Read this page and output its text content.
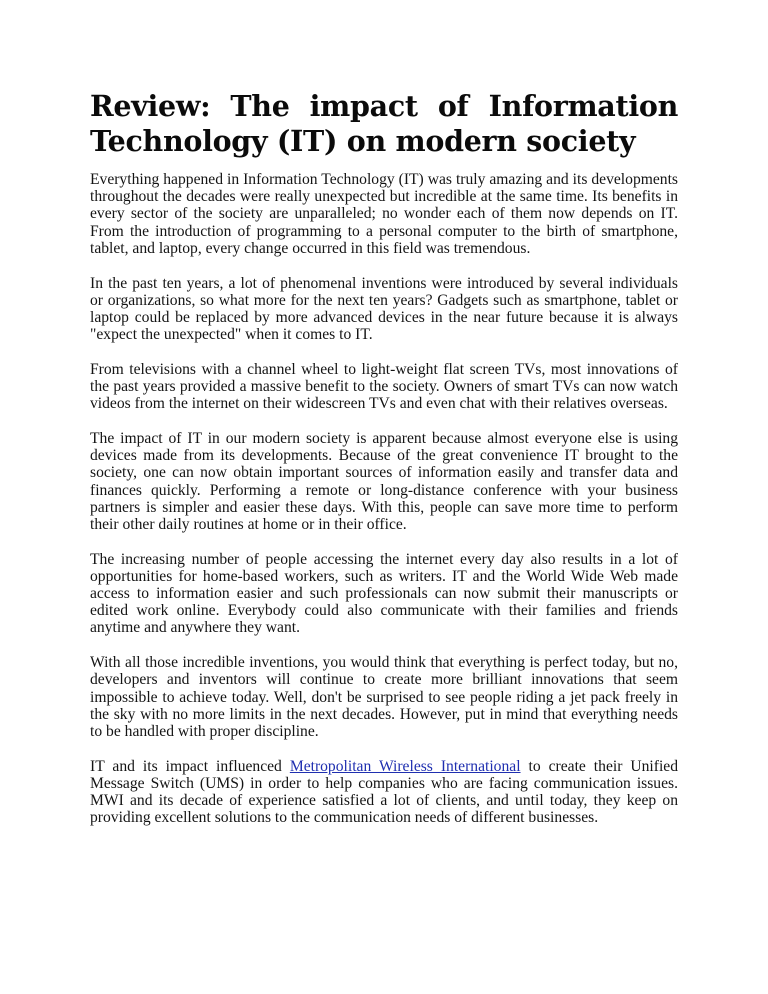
Review: The impact of Information Technology (IT) on modern society

Everything happened in Information Technology (IT) was truly amazing and its developments throughout the decades were really unexpected but incredible at the same time. Its benefits in every sector of the society are unparalleled; no wonder each of them now depends on IT. From the introduction of programming to a personal computer to the birth of smartphone, tablet, and laptop, every change occurred in this field was tremendous.

In the past ten years, a lot of phenomenal inventions were introduced by several individuals or organizations, so what more for the next ten years? Gadgets such as smartphone, tablet or laptop could be replaced by more advanced devices in the near future because it is always "expect the unexpected" when it comes to IT.

From televisions with a channel wheel to light-weight flat screen TVs, most innovations of the past years provided a massive benefit to the society. Owners of smart TVs can now watch videos from the internet on their widescreen TVs and even chat with their relatives overseas.

The impact of IT in our modern society is apparent because almost everyone else is using devices made from its developments. Because of the great convenience IT brought to the society, one can now obtain important sources of information easily and transfer data and finances quickly. Performing a remote or long-distance conference with your business partners is simpler and easier these days. With this, people can save more time to perform their other daily routines at home or in their office.

The increasing number of people accessing the internet every day also results in a lot of opportunities for home-based workers, such as writers. IT and the World Wide Web made access to information easier and such professionals can now submit their manuscripts or edited work online. Everybody could also communicate with their families and friends anytime and anywhere they want.

With all those incredible inventions, you would think that everything is perfect today, but no, developers and inventors will continue to create more brilliant innovations that seem impossible to achieve today. Well, don't be surprised to see people riding a jet pack freely in the sky with no more limits in the next decades. However, put in mind that everything needs to be handled with proper discipline.

IT and its impact influenced Metropolitan Wireless International to create their Unified Message Switch (UMS) in order to help companies who are facing communication issues. MWI and its decade of experience satisfied a lot of clients, and until today, they keep on providing excellent solutions to the communication needs of different businesses.
